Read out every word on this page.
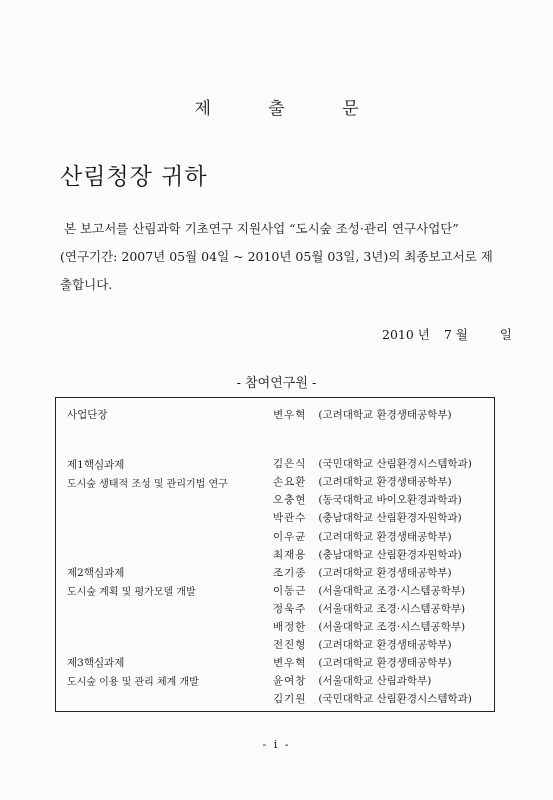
제 출 문
산림청장 귀하
본 보고서를 산림과학 기초연구 지원사업 “도시숲 조성·관리 연구사업단”
(연구기간: 2007년 05월 04일 ~ 2010년 05월 03일, 3년)의 최종보고서로 제
출합니다.
2010 년 7 월	일
- 참여연구원 -
사업단장
제1핵심과제
도시숲 생태적 조성 및 관리기법 연구
제2핵심과제
도시숲 계획 및 평가모델 개발
제3핵심과제
도시숲 이용 및 관리 체계 개발
변우혁 (고려대학교 환경생태공학부)
김은식 (국민대학교 산림환경시스템학과)
손요환 (고려대학교 환경생태공학부)
오충현 (동국대학교 바이오환경과학과)
박관수 (충남대학교 산림환경자원학과)
이우균 (고려대학교 환경생태공학부)
최재용 (충남대학교 산림환경자원학과)
조기종 (고려대학교 환경생태공학부)
이동근 (서울대학교 조경·시스템공학부)
정욱주 (서울대학교 조경·시스템공학부)
배정한 (서울대학교 조경·시스템공학부)
전진형 (고려대학교 환경생태공학부)
변우혁 (고려대학교 환경생태공학부)
윤여창 (서울대학교 산림과학부)
김기원 (국민대학교 산림환경시스템학과)
- i -
